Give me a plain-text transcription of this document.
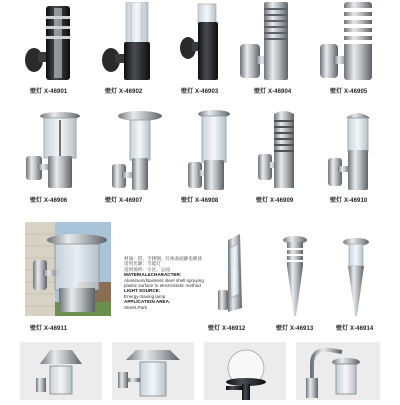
壁灯 X-46901	壁灯 X-46902	壁灯 X-46903	壁灯 X-46904	壁灯 X-46905
壁灯 X-46906	壁灯 X-46907	壁灯 X-46908	壁灯 X-46909	壁灯 X-46910
壁灯 X-46911
材质：铝，不锈钢，灯体表面静电喷涂
适用光源：节能灯
适用场所：小区，公园
MATERIAL&CHARACTER:
Aluminum/stainless steel shell spraying
plastic surface to electrostatic method
LIGHT SOURCE:
Energy-Saving lamp
APPLICATION AREA:
Street,Park
壁灯 X-46912	壁灯 X-46913	壁灯 X-46914
